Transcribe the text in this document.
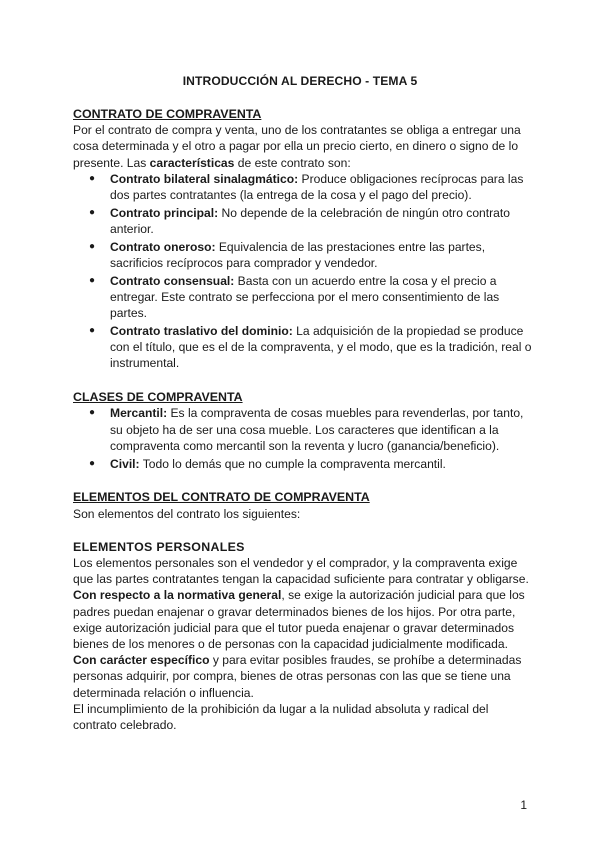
INTRODUCCIÓN AL DERECHO - TEMA 5
CONTRATO DE COMPRAVENTA

Por el contrato de compra y venta, uno de los contratantes se obliga a entregar una cosa determinada y el otro a pagar por ella un precio cierto, en dinero o signo de lo presente. Las características de este contrato son:

● Contrato bilateral sinalagmático: Produce obligaciones recíprocas para las dos partes contratantes (la entrega de la cosa y el pago del precio).
● Contrato principal: No depende de la celebración de ningún otro contrato anterior.
● Contrato oneroso: Equivalencia de las prestaciones entre las partes, sacrificios recíprocos para comprador y vendedor.
● Contrato consensual: Basta con un acuerdo entre la cosa y el precio a entregar. Este contrato se perfecciona por el mero consentimiento de las partes.
● Contrato traslativo del dominio: La adquisición de la propiedad se produce con el título, que es el de la compraventa, y el modo, que es la tradición, real o instrumental.
CLASES DE COMPRAVENTA
● Mercantil: Es la compraventa de cosas muebles para revenderlas, por tanto, su objeto ha de ser una cosa mueble. Los caracteres que identifican a la compraventa como mercantil son la reventa y lucro (ganancia/beneficio).
● Civil: Todo lo demás que no cumple la compraventa mercantil.
ELEMENTOS DEL CONTRATO DE COMPRAVENTA

Son elementos del contrato los siguientes:

ELEMENTOS PERSONALES

Los elementos personales son el vendedor y el comprador, y la compraventa exige que las partes contratantes tengan la capacidad suficiente para contratar y obligarse.

Con respecto a la normativa general, se exige la autorización judicial para que los padres puedan enajenar o gravar determinados bienes de los hijos. Por otra parte, exige autorización judicial para que el tutor pueda enajenar o gravar determinados bienes de los menores o de personas con la capacidad judicialmente modificada.

Con carácter específico y para evitar posibles fraudes, se prohíbe a determinadas personas adquirir, por compra, bienes de otras personas con las que se tiene una determinada relación o influencia.

El incumplimiento de la prohibición da lugar a la nulidad absoluta y radical del contrato celebrado.

1
